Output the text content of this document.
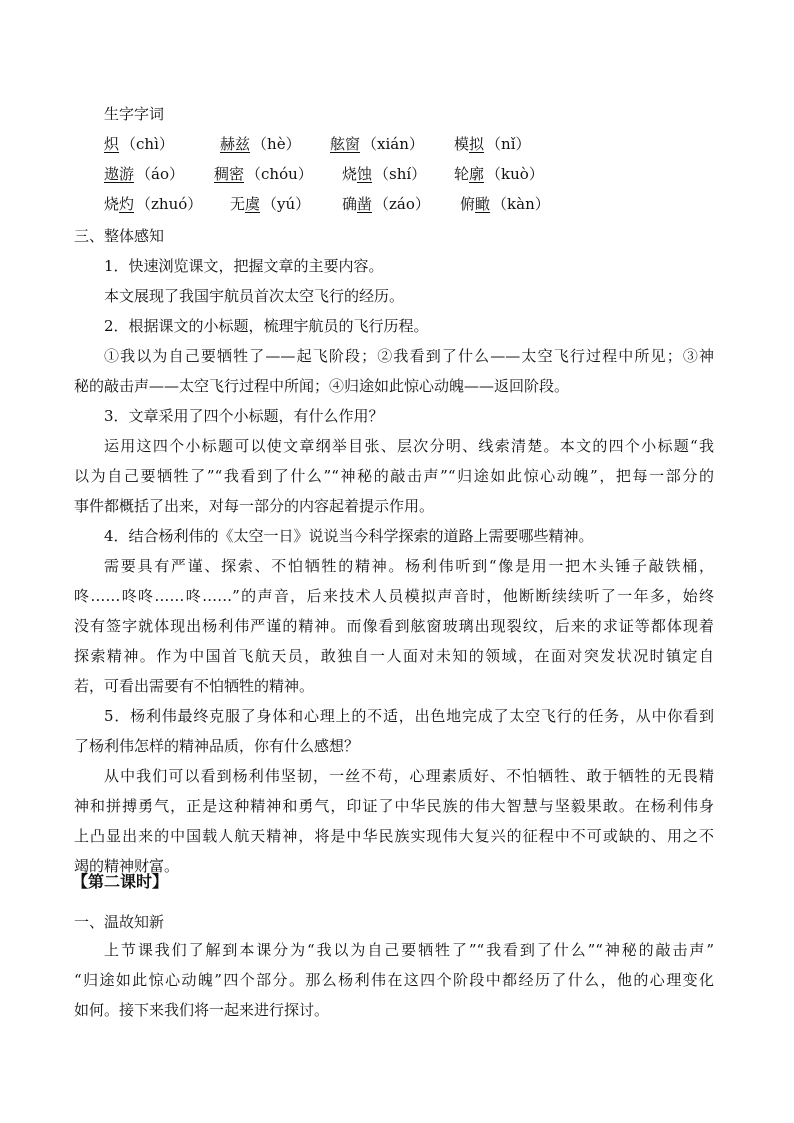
生字字词
炽 （chì）	赫兹 （hè） 舷窗 （xián） 模拟 （nǐ）
遨游 （áo） 稠密 （chóu） 烧蚀 （shí） 轮廓 （kuò）
烧灼 （zhuó） 无虞 （yú） 确凿 （záo） 俯瞰 （kàn）
三、整体感知
1．快速浏览课文，把握文章的主要内容。
本文展现了我国宇航员首次太空飞行的经历。
2．根据课文的小标题，梳理宇航员的飞行历程。
①我以为自己要牺牲了——起飞阶段；②我看到了什么——太空飞行过程中所见；③神
秘的敲击声——太空飞行过程中所闻；④归途如此惊心动魄——返回阶段。
3．文章采用了四个小标题，有什么作用？
运用这四个小标题可以使文章纲举目张、层次分明、线索清楚。本文的四个小标题“我
以为自己要牺牲了”“我看到了什么”“神秘的敲击声”“归途如此惊心动魄”，把每一部分的
事件都概括了出来，对每一部分的内容起着提示作用。
4．结合杨利伟的《太空一日》说说当今科学探索的道路上需要哪些精神。
需要具有严谨、探索、不怕牺牲的精神。杨利伟听到“像是用一把木头锤子敲铁桶，
咚……咚咚……咚……”的声音，后来技术人员模拟声音时，他断断续续听了一年多，始终
没有签字就体现出杨利伟严谨的精神。而像看到舷窗玻璃出现裂纹，后来的求证等都体现着
探索精神。作为中国首飞航天员，敢独自一人面对未知的领域，在面对突发状况时镇定自
若，可看出需要有不怕牺牲的精神。
5．杨利伟最终克服了身体和心理上的不适，出色地完成了太空飞行的任务，从中你看到
了杨利伟怎样的精神品质，你有什么感想？
从中我们可以看到杨利伟坚韧，一丝不苟，心理素质好、不怕牺牲、敢于牺牲的无畏精
神和拼搏勇气，正是这种精神和勇气，印证了中华民族的伟大智慧与坚毅果敢。在杨利伟身
上凸显出来的中国载人航天精神，将是中华民族实现伟大复兴的征程中不可或缺的、用之不
竭的精神财富。
【第二课时】
一、温故知新
上节课我们了解到本课分为“我以为自己要牺牲了”“我看到了什么”“神秘的敲击声”
“归途如此惊心动魄”四个部分。那么杨利伟在这四个阶段中都经历了什么，他的心理变化
如何。接下来我们将一起来进行探讨。
